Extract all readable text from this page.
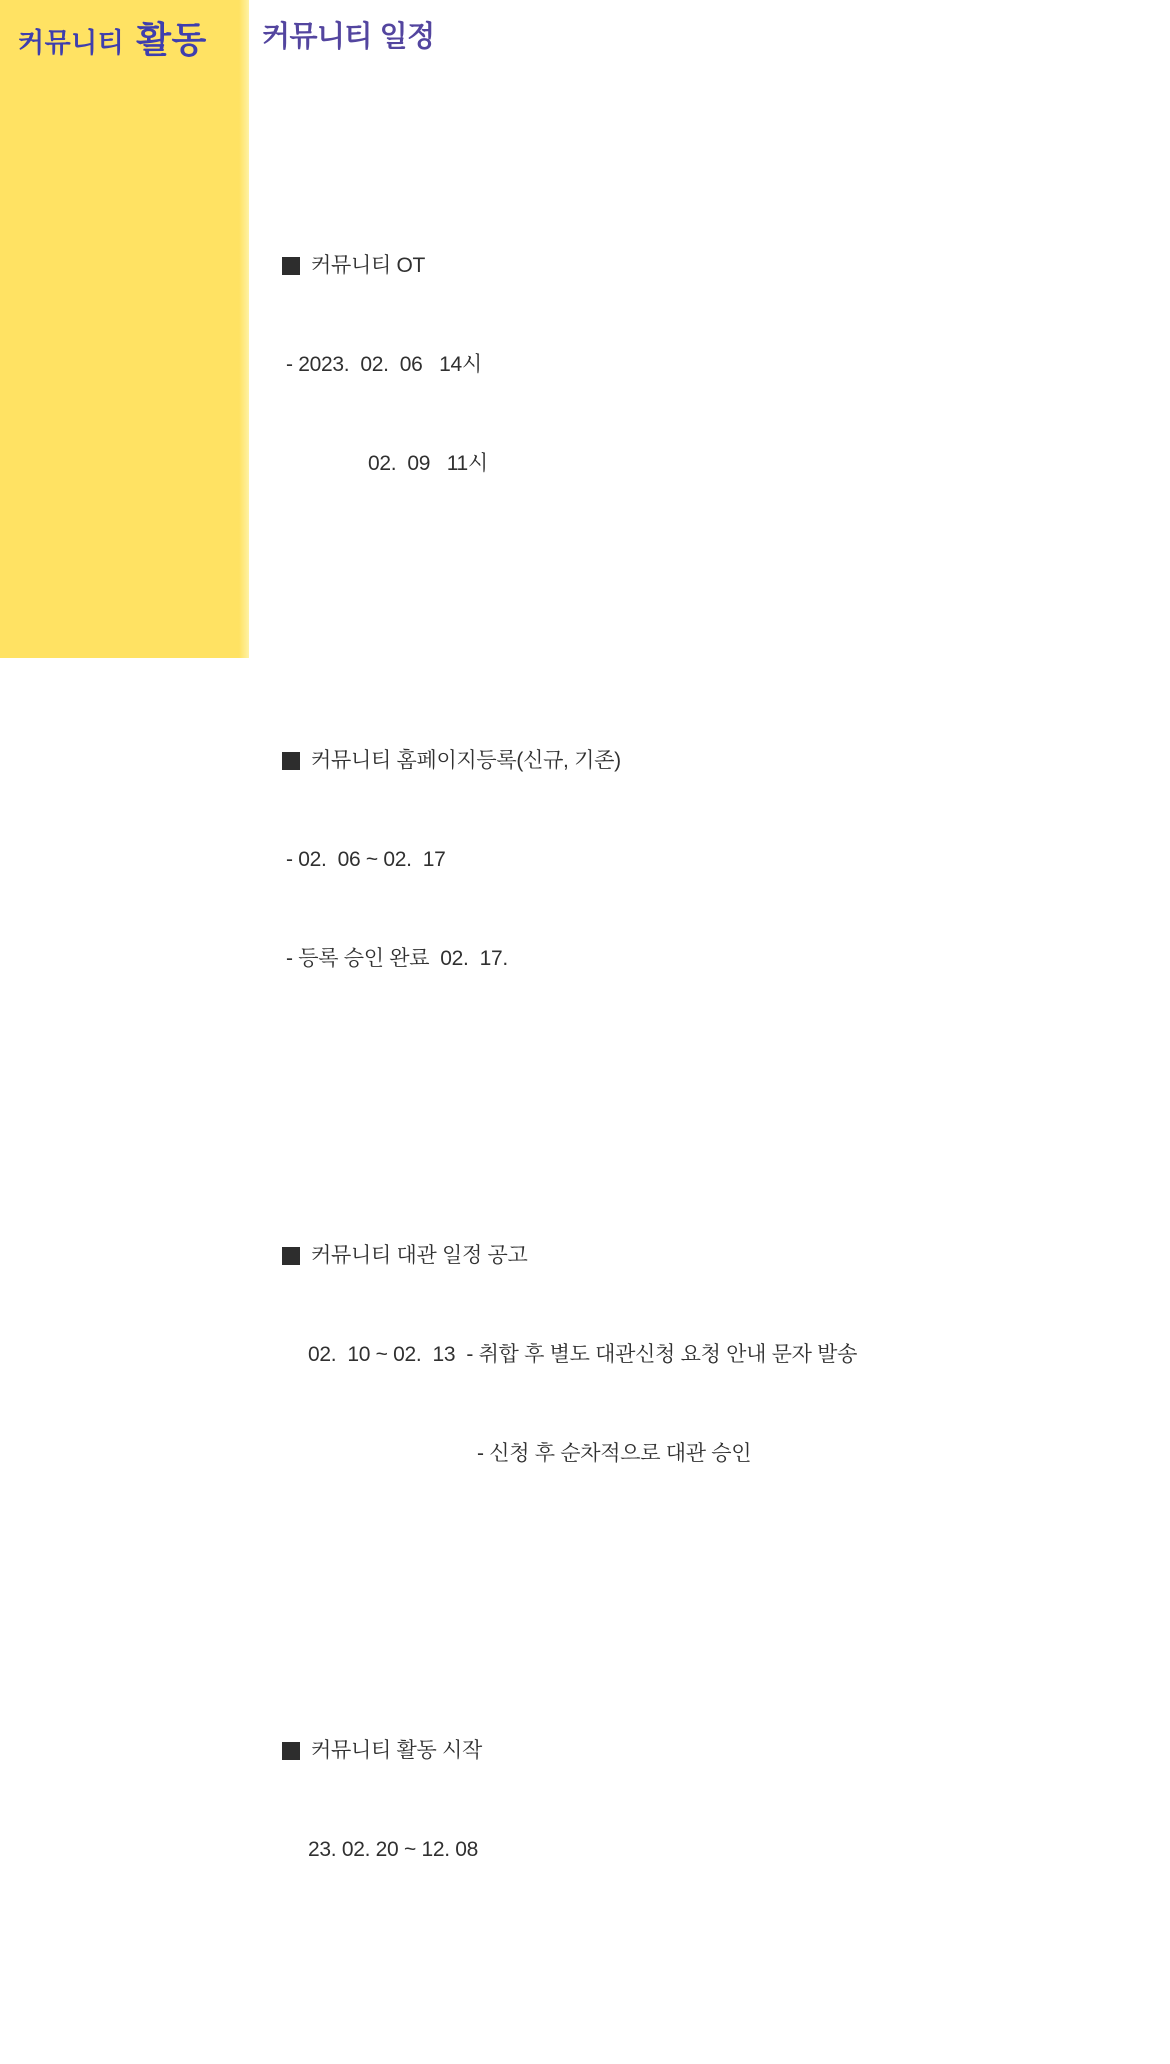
커뮤니티 활동 커뮤니티 일정

커뮤니티 OT

- 2023.  02.  06   14시

02.  09   11시

커뮤니티 홈페이지등록(신규, 기존)

- 02.  06 ~ 02.  17

- 등록 승인 완료  02.  17.

커뮤니티 대관 일정 공고

02.  10 ~ 02.  13  - 취합 후 별도 대관신청 요청 안내 문자 발송

- 신청 후 순차적으로 대관 승인

커뮤니티 활동 시작

23. 02. 20 ~ 12. 08
